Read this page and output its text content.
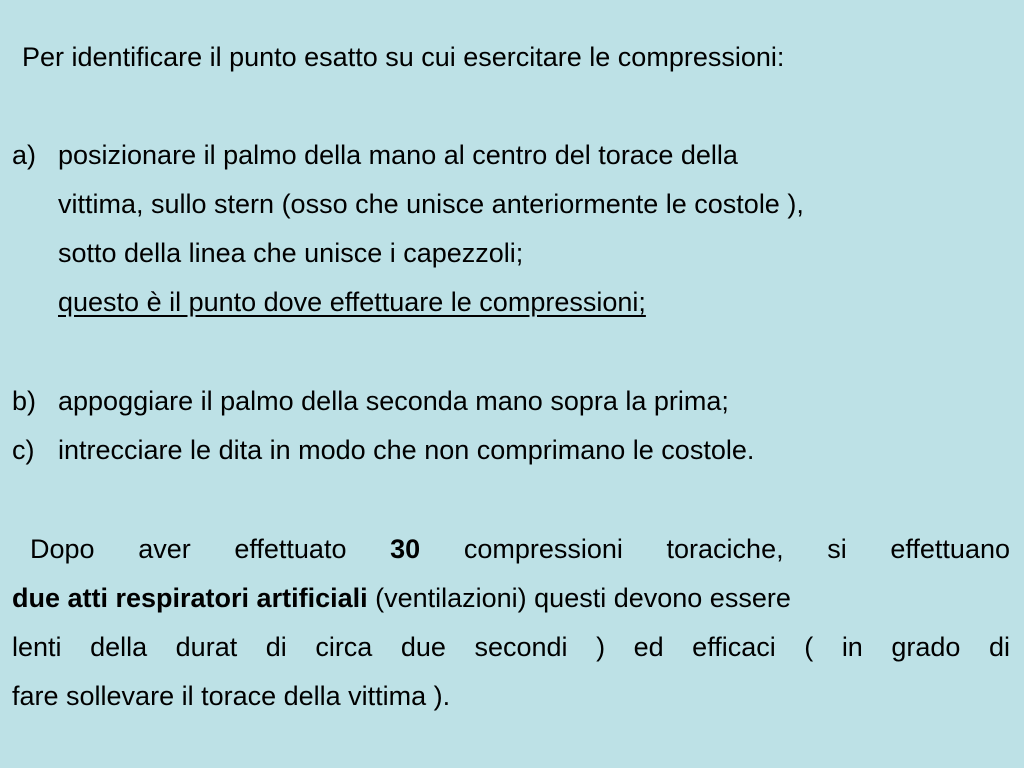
Per identificare il punto esatto su cui esercitare le compressioni:
a) posizionare il palmo della mano al centro del torace della
vittima, sullo stern (osso che unisce anteriormente le costole ),
sotto della linea che unisce i capezzoli;
questo è il punto dove effettuare le compressioni;
b) appoggiare il palmo della seconda mano sopra la prima;
c) intrecciare le dita in modo che non comprimano le costole.
Dopo aver effettuato 30 compressioni toraciche, si effettuano
due atti respiratori artificiali (ventilazioni) questi devono essere
lenti della durat di circa due secondi ) ed efficaci ( in grado di
fare sollevare il torace della vittima ).
